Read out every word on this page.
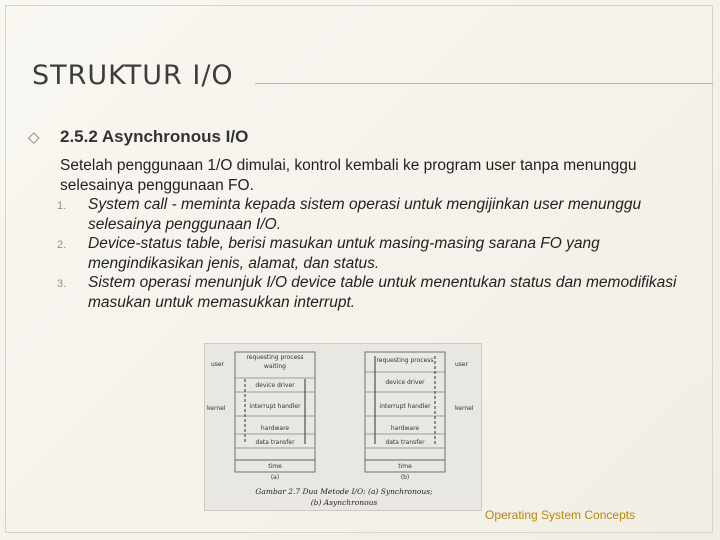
STRUKTUR I/O
◇ 2.5.2 Asynchronous I/O

Setelah penggunaan 1/O dimulai, kontrol kembali ke program user tanpa menunggu selesainya penggunaan FO.

1. System call - meminta kepada sistem operasi untuk mengijinkan user menunggu selesainya penggunaan I/O.
2. Device-status table, berisi masukan untuk masing-masing sarana FO yang mengindikasikan jenis, alamat, dan status.
3. Sistem operasi menunjuk I/O device table untuk menentukan status dan memodifikasi masukan untuk memasukkan interrupt.
requesting process
waiting
device driver
interrupt handler
hardware
data transfer
user
kernel
time
(a)
requesting process
device driver
interrupt handler
hardware
data transfer
user
kernel
time
(b)
Gambar 2.7 Dua Metode I/O: (a) Synchronous;
(b) Asynchronous
Operating System Concepts
